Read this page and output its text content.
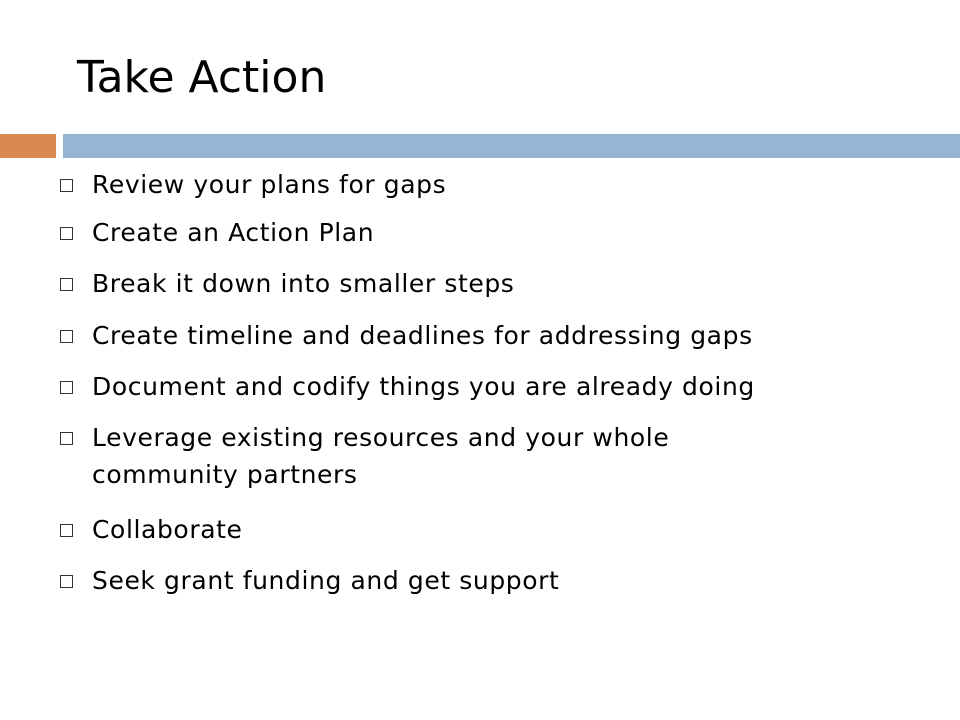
Take Action
Review your plans for gaps
Create an Action Plan
Break it down into smaller steps
Create timeline and deadlines for addressing gaps
Document and codify things you are already doing
Leverage existing resources and your whole community partners
Collaborate
Seek grant funding and get support
